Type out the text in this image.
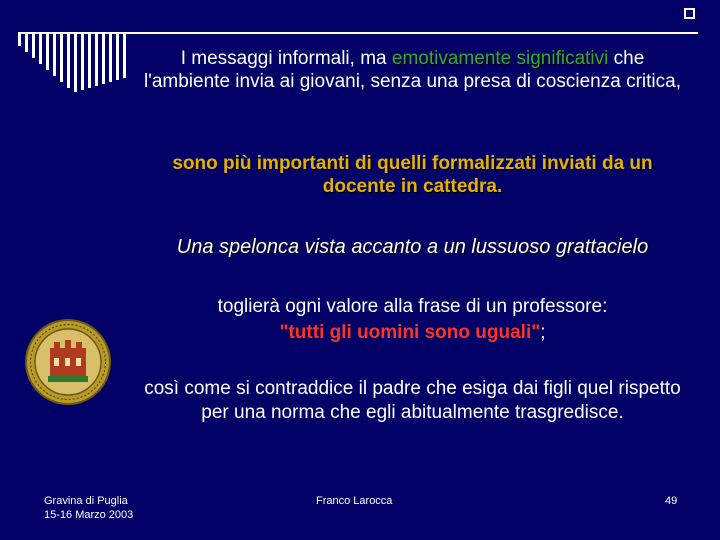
I messaggi informali, ma emotivamente significativi che l'ambiente invia ai giovani, senza una presa di coscienza critica,
sono più importanti di quelli formalizzati inviati da un docente in cattedra.
Una spelonca vista accanto a un lussuoso grattacielo
toglierà ogni valore alla frase di un professore:
"tutti gli uomini sono uguali";
così come si contraddice il padre che esiga dai figli quel rispetto per una norma che egli abitualmente trasgredisce.
Gravina di Puglia
15-16 Marzo 2003
Franco Larocca	49
